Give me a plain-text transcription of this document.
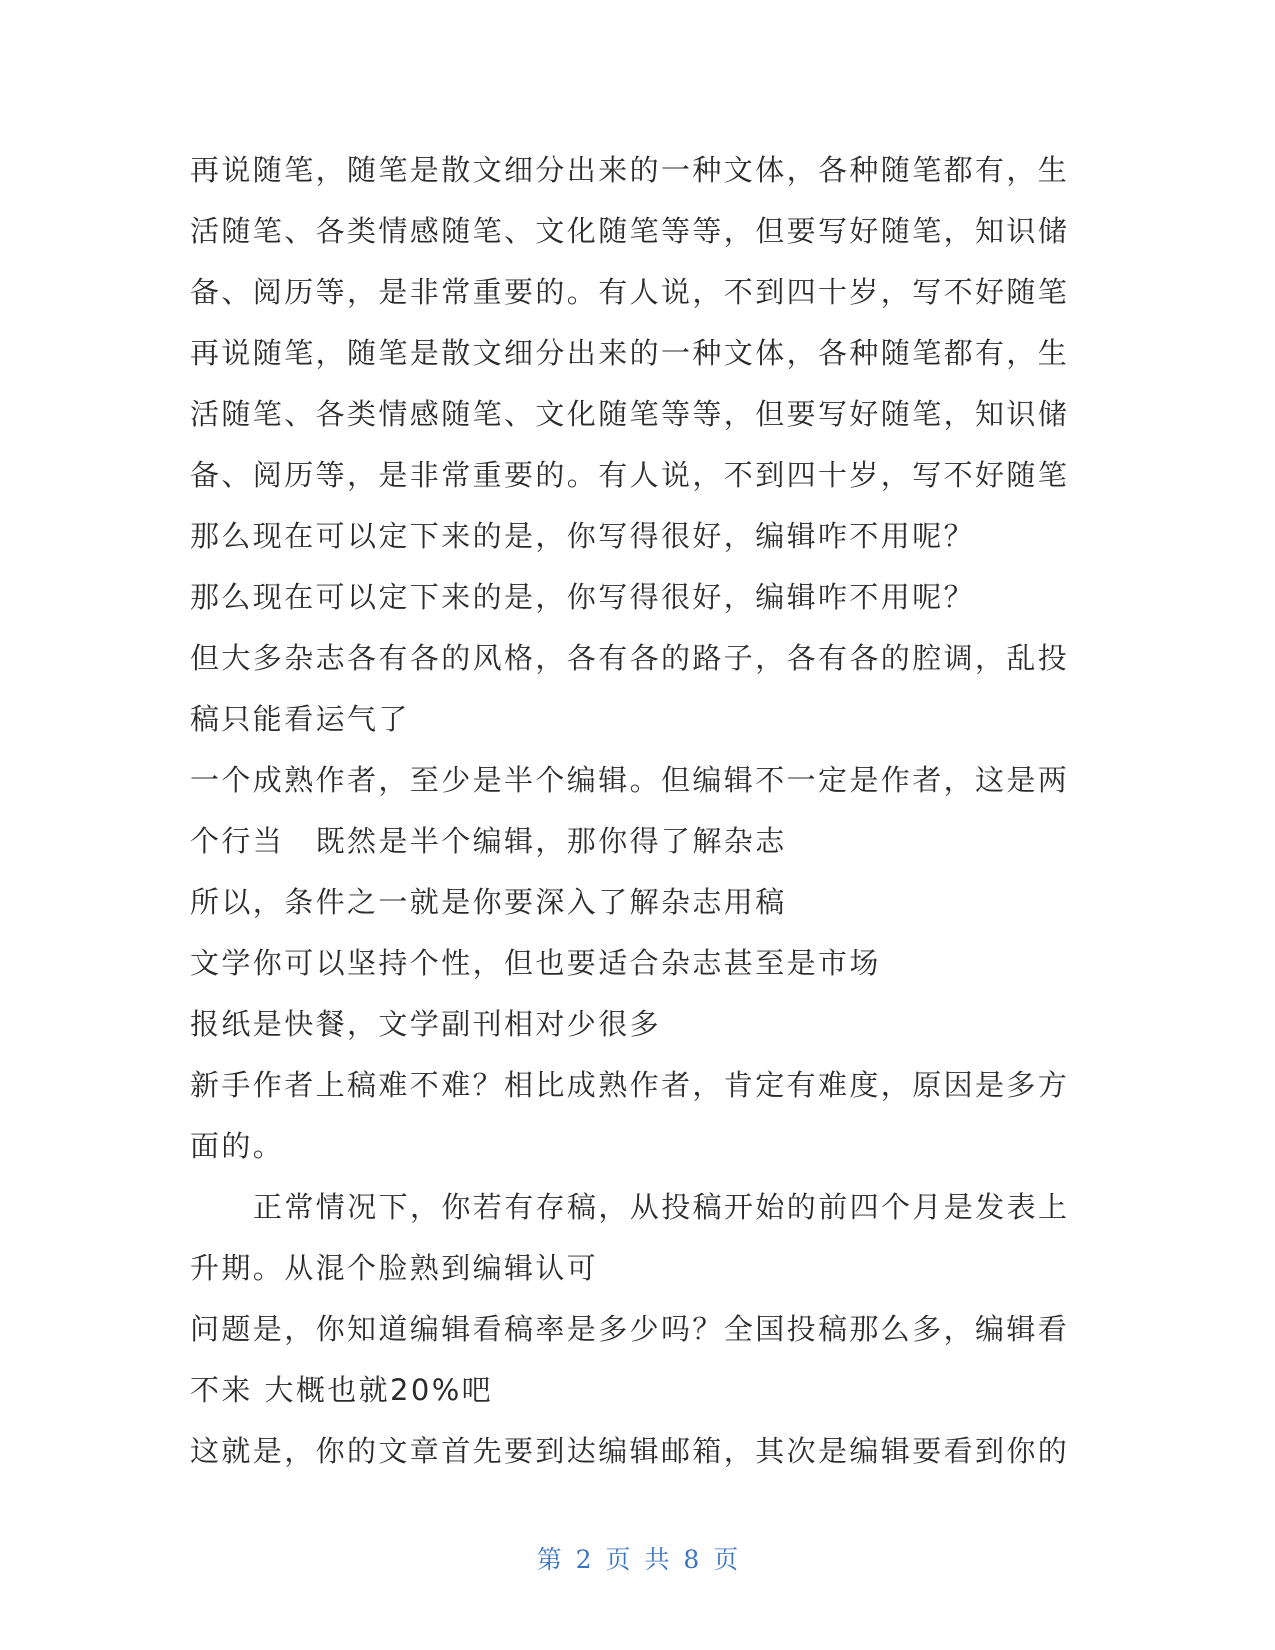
再说随笔，随笔是散文细分出来的一种文体，各种随笔都有，生
活随笔、各类情感随笔、文化随笔等等，但要写好随笔，知识储
备、阅历等，是非常重要的。有人说，不到四十岁，写不好随笔
再说随笔，随笔是散文细分出来的一种文体，各种随笔都有，生
活随笔、各类情感随笔、文化随笔等等，但要写好随笔，知识储
备、阅历等，是非常重要的。有人说，不到四十岁，写不好随笔
那么现在可以定下来的是，你写得很好，编辑咋不用呢？
那么现在可以定下来的是，你写得很好，编辑咋不用呢？
但大多杂志各有各的风格，各有各的路子，各有各的腔调，乱投
稿只能看运气了
一个成熟作者，至少是半个编辑。但编辑不一定是作者，这是两
个行当　既然是半个编辑，那你得了解杂志
所以，条件之一就是你要深入了解杂志用稿
文学你可以坚持个性，但也要适合杂志甚至是市场
报纸是快餐，文学副刊相对少很多
新手作者上稿难不难？相比成熟作者，肯定有难度，原因是多方
面的。
正常情况下，你若有存稿，从投稿开始的前四个月是发表上
升期。从混个脸熟到编辑认可
问题是，你知道编辑看稿率是多少吗？全国投稿那么多，编辑看
不来 大概也就20%吧
这就是，你的文章首先要到达编辑邮箱，其次是编辑要看到你的
第 2 页 共 8 页
